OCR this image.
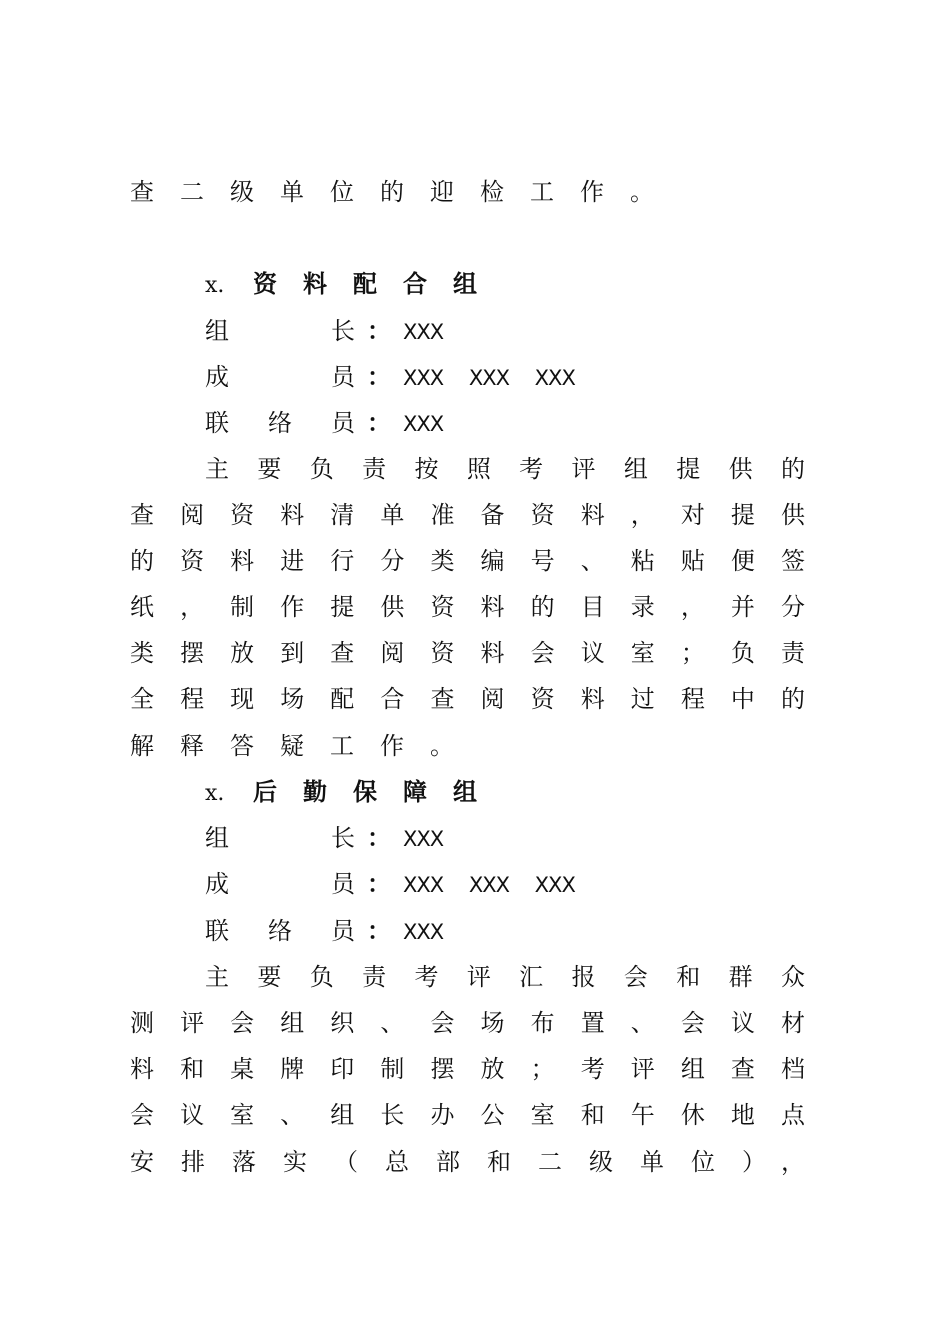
查二级单位的迎检工作。
x. 资料配合组
组长 ： XXX
成员 ： XXX XXX XXX
联络员 ： XXX
主要负责按照考评组提供的
查阅资料清单准备资料，对提供
的资料进行分类编号、粘贴便签
纸，制作提供资料的目录，并分
类摆放到查阅资料会议室；负责
全程现场配合查阅资料过程中的
解释答疑工作。
x. 后勤保障组
组长 ： XXX
成员 ： XXX XXX XXX
联络员 ： XXX
主要负责考评汇报会和群众
测评会组织、会场布置、会议材
料和桌牌印制摆放；考评组查档
会议室、组长办公室和午休地点
安排落实（总部和二级单位），
